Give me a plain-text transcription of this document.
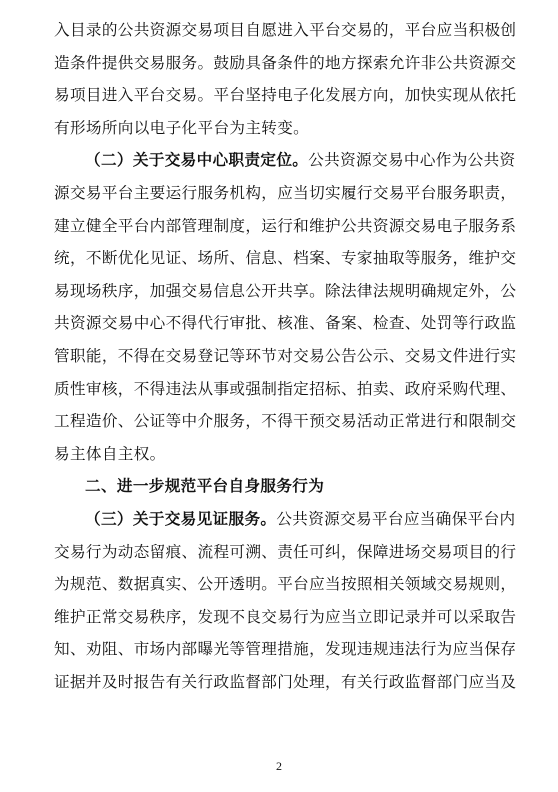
入目录的公共资源交易项目自愿进入平台交易的，平台应当积极创
造条件提供交易服务。鼓励具备条件的地方探索允许非公共资源交
易项目进入平台交易。平台坚持电子化发展方向，加快实现从依托
有形场所向以电子化平台为主转变。
（二）关于交易中心职责定位。公共资源交易中心作为公共资
源交易平台主要运行服务机构，应当切实履行交易平台服务职责，
建立健全平台内部管理制度，运行和维护公共资源交易电子服务系
统，不断优化见证、场所、信息、档案、专家抽取等服务，维护交
易现场秩序，加强交易信息公开共享。除法律法规明确规定外，公
共资源交易中心不得代行审批、核准、备案、检查、处罚等行政监
管职能，不得在交易登记等环节对交易公告公示、交易文件进行实
质性审核，不得违法从事或强制指定招标、拍卖、政府采购代理、
工程造价、公证等中介服务，不得干预交易活动正常进行和限制交
易主体自主权。
二、进一步规范平台自身服务行为
（三）关于交易见证服务。公共资源交易平台应当确保平台内
交易行为动态留痕、流程可溯、责任可纠，保障进场交易项目的行
为规范、数据真实、公开透明。平台应当按照相关领域交易规则，
维护正常交易秩序，发现不良交易行为应当立即记录并可以采取告
知、劝阻、市场内部曝光等管理措施，发现违规违法行为应当保存
证据并及时报告有关行政监督部门处理，有关行政监督部门应当及
2
